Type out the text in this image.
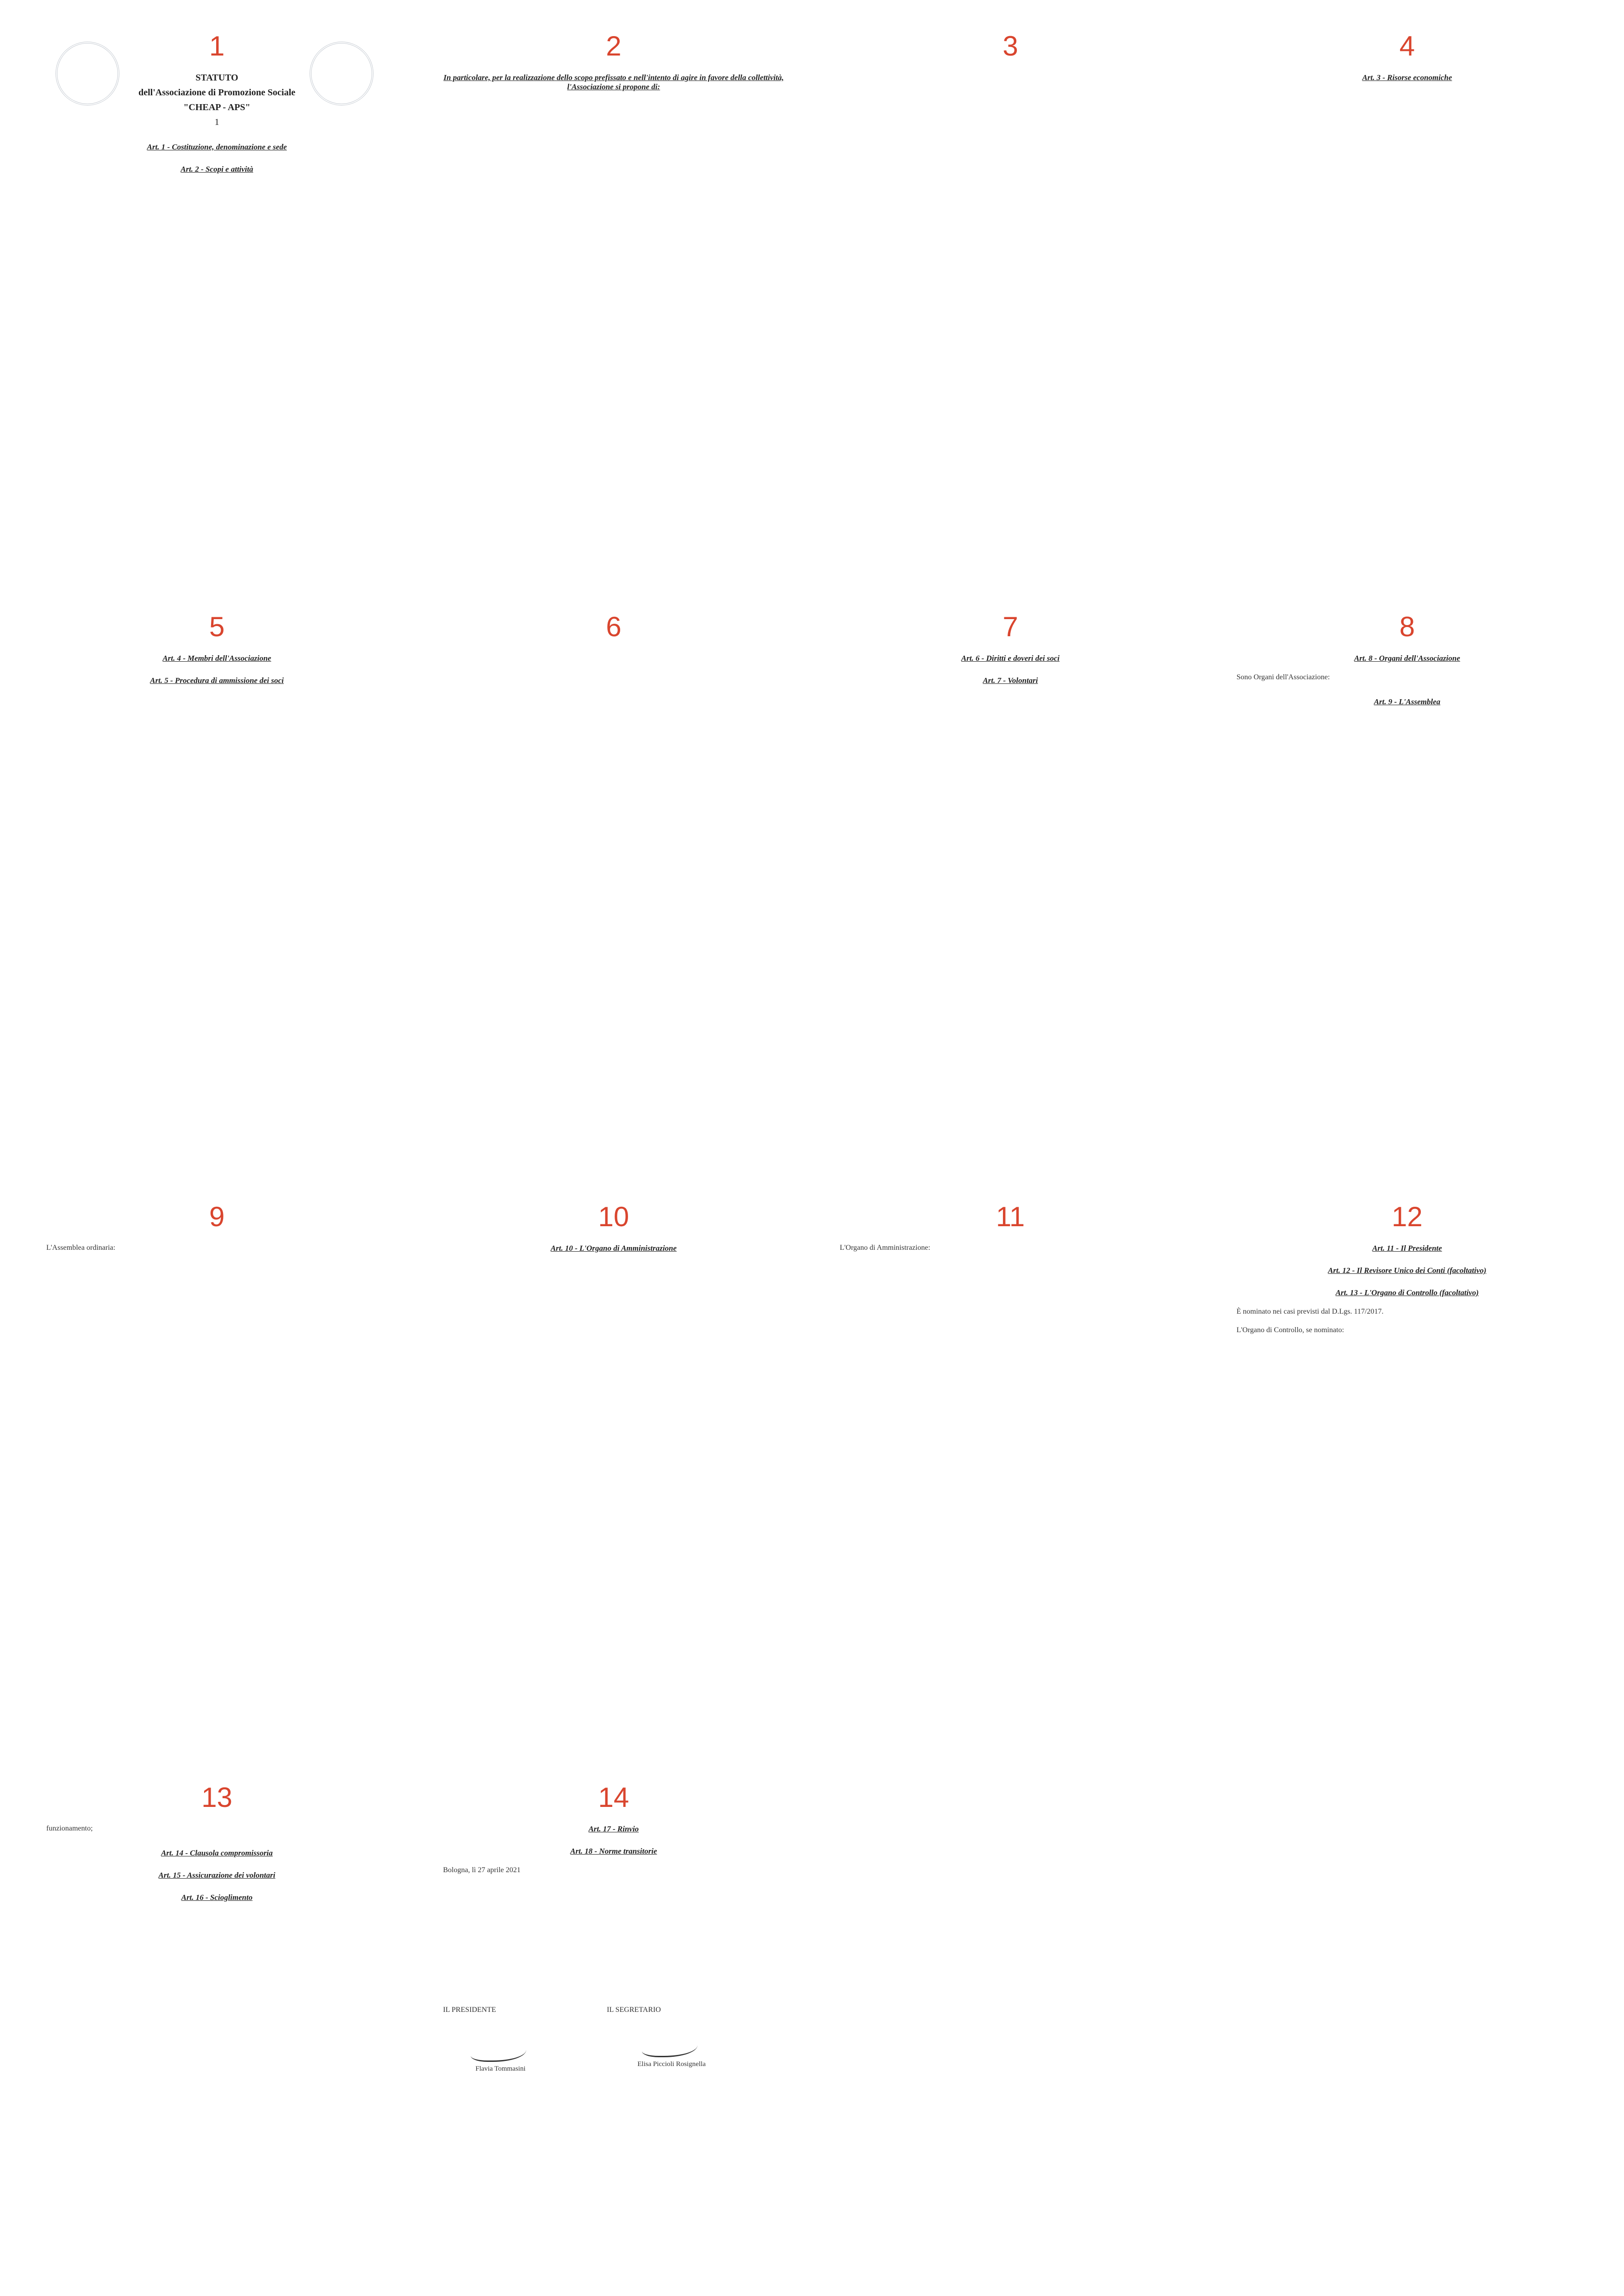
1
STATUTO
dell'Associazione di Promozione Sociale
"CHEAP - APS"
1
Art. 1 - Costituzione, denominazione e sede

Art. 2 - Scopi e attività

2

In particolare, per la realizzazione dello scopo prefissato e nell'intento di agire in favore della collettività, l'Associazione si propone di:

3	4

Art. 3 - Risorse economiche

5

Art. 4 - Membri dell'Associazione

Art. 5 - Procedura di ammissione dei soci

6	7

Art. 6 - Diritti e doveri dei soci

Art. 7 - Volontari

8

Art. 8 - Organi dell'Associazione

Sono Organi dell'Associazione:

Art. 9 - L'Assemblea

9

L'Assemblea ordinaria:

10

Art. 10 - L'Organo di Amministrazione

11

L'Organo di Amministrazione:

12
Art. 11 - Il Presidente

Art. 12 - Il Revisore Unico dei Conti (facoltativo)

Art. 13 - L'Organo di Controllo (facoltativo)

È nominato nei casi previsti dal D.Lgs. 117/2017.

L'Organo di Controllo, se nominato:

13

funzionamento;

Art. 14 - Clausola compromissoria

Art. 15 - Assicurazione dei volontari

Art. 16 - Scioglimento

14

Art. 17 - Rinvio

Art. 18 - Norme transitorie

Bologna, lì 27 aprile 2021

IL PRESIDENTE	IL SEGRETARIO
Flavia Tommasini
Elisa Piccioli Rosignella
